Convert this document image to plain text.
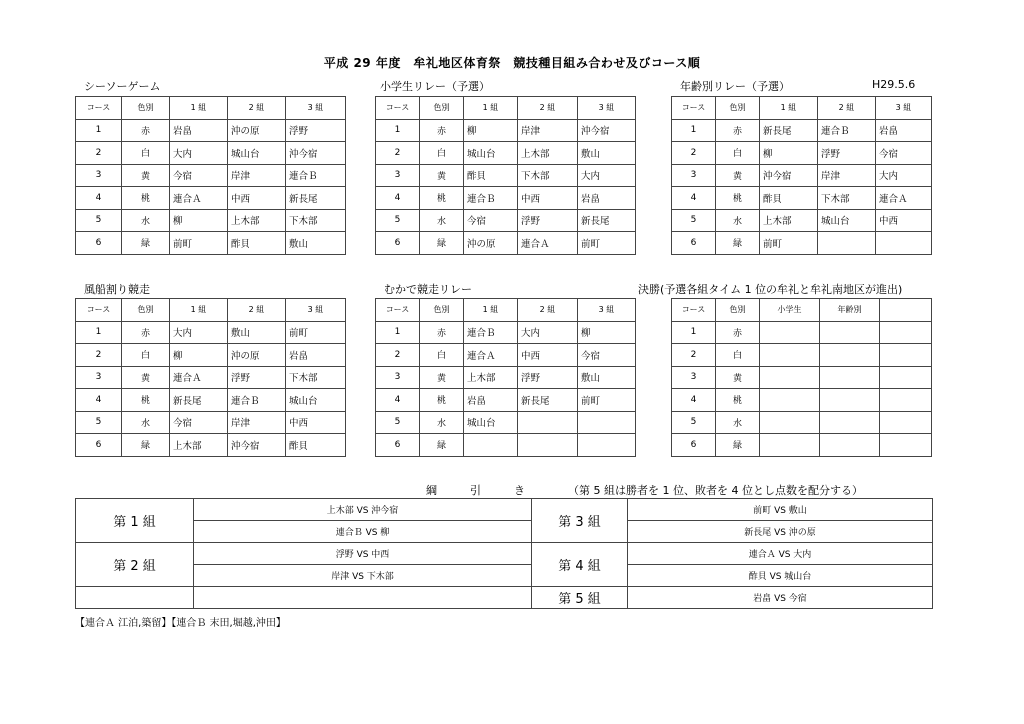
平成 29 年度　牟礼地区体育祭　競技種目組み合わせ及びコース順
シーソーゲーム	小学生リレー（予選）	年齢別リレー（予選）	H29.5.6
風船割り競走	むかで競走リレー	決勝(予選各組タイム 1 位の牟礼と牟礼南地区が進出)
コース	色別	1 組	2 組	3 組
1	赤	岩畠	沖の原	浮野
2	白	大内	城山台	沖今宿
3	黄	今宿	岸津	連合Ｂ
4	桃	連合Ａ	中西	新長尾
5	水	柳	上木部	下木部
6	緑	前町	酢貝	敷山
コース	色別	1 組	2 組	3 組
1	赤	柳	岸津	沖今宿
2	白	城山台	上木部	敷山
3	黄	酢貝	下木部	大内
4	桃	連合Ｂ	中西	岩畠
5	水	今宿	浮野	新長尾
6	緑	沖の原	連合Ａ	前町
コース	色別	1 組	2 組	3 組
1	赤	新長尾	連合Ｂ	岩畠
2	白	柳	浮野	今宿
3	黄	沖今宿	岸津	大内
4	桃	酢貝	下木部	連合Ａ
5	水	上木部	城山台	中西
6	緑	前町		
コース	色別	1 組	2 組	3 組
1	赤	大内	敷山	前町
2	白	柳	沖の原	岩畠
3	黄	連合Ａ	浮野	下木部
4	桃	新長尾	連合Ｂ	城山台
5	水	今宿	岸津	中西
6	緑	上木部	沖今宿	酢貝
コース	色別	1 組	2 組	3 組
1	赤	連合Ｂ	大内	柳
2	白	連合Ａ	中西	今宿
3	黄	上木部	浮野	敷山
4	桃	岩畠	新長尾	前町
5	水	城山台		
6	緑			
コース	色別	小学生	年齢別	
1	赤			
2	白			
3	黄			
4	桃			
5	水			
6	緑			
綱　　　引　　　き	（第 5 組は勝者を 1 位、敗者を 4 位とし点数を配分する）
第 1 組	上木部 VS 沖今宿	第 3 組	前町 VS 敷山
	連合Ｂ VS 柳		新長尾 VS 沖の原
第 2 組	浮野 VS 中西	第 4 組	連合Ａ VS 大内
	岸津 VS 下木部		酢貝 VS 城山台
		第 5 組	岩畠 VS 今宿
【連合Ａ 江泊,築留】【連合Ｂ 末田,堀越,沖田】
